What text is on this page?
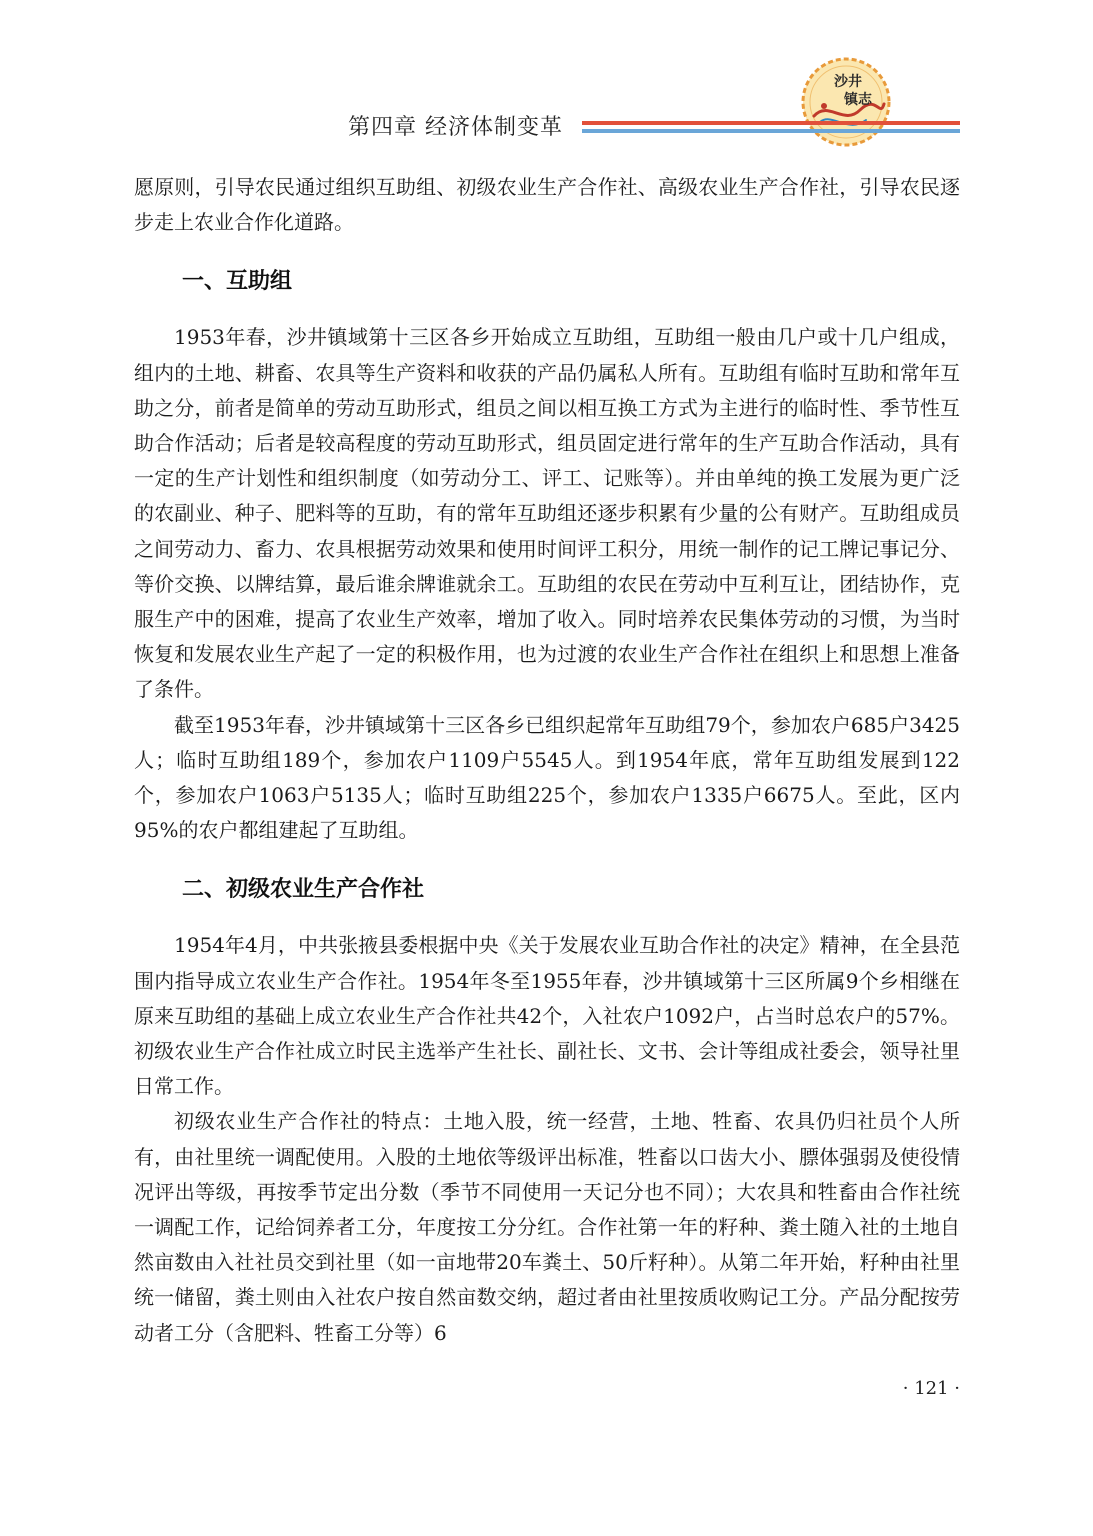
沙井
镇志
第四章 经济体制变革

愿原则，引导农民通过组织互助组、初级农业生产合作社、高级农业生产合作社，引导农民逐步走上农业合作化道路。

一、互助组

1953年春，沙井镇域第十三区各乡开始成立互助组，互助组一般由几户或十几户组成，组内的土地、耕畜、农具等生产资料和收获的产品仍属私人所有。互助组有临时互助和常年互助之分，前者是简单的劳动互助形式，组员之间以相互换工方式为主进行的临时性、季节性互助合作活动；后者是较高程度的劳动互助形式，组员固定进行常年的生产互助合作活动，具有一定的生产计划性和组织制度（如劳动分工、评工、记账等）。并由单纯的换工发展为更广泛的农副业、种子、肥料等的互助，有的常年互助组还逐步积累有少量的公有财产。互助组成员之间劳动力、畜力、农具根据劳动效果和使用时间评工积分，用统一制作的记工牌记事记分、等价交换、以牌结算，最后谁余牌谁就余工。互助组的农民在劳动中互利互让，团结协作，克服生产中的困难，提高了农业生产效率，增加了收入。同时培养农民集体劳动的习惯，为当时恢复和发展农业生产起了一定的积极作用，也为过渡的农业生产合作社在组织上和思想上准备了条件。

截至1953年春，沙井镇域第十三区各乡已组织起常年互助组79个，参加农户685户3425人；临时互助组189个，参加农户1109户5545人。到1954年底，常年互助组发展到122个，参加农户1063户5135人；临时互助组225个，参加农户1335户6675人。至此，区内95%的农户都组建起了互助组。

二、初级农业生产合作社

1954年4月，中共张掖县委根据中央《关于发展农业互助合作社的决定》精神，在全县范围内指导成立农业生产合作社。1954年冬至1955年春，沙井镇域第十三区所属9个乡相继在原来互助组的基础上成立农业生产合作社共42个，入社农户1092户，占当时总农户的57%。初级农业生产合作社成立时民主选举产生社长、副社长、文书、会计等组成社委会，领导社里日常工作。

初级农业生产合作社的特点：土地入股，统一经营，土地、牲畜、农具仍归社员个人所有，由社里统一调配使用。入股的土地依等级评出标准，牲畜以口齿大小、膘体强弱及使役情况评出等级，再按季节定出分数（季节不同使用一天记分也不同）；大农具和牲畜由合作社统一调配工作，记给饲养者工分，年度按工分分红。合作社第一年的籽种、粪土随入社的土地自然亩数由入社社员交到社里（如一亩地带20车粪土、50斤籽种）。从第二年开始，籽种由社里统一储留，粪土则由入社农户按自然亩数交纳，超过者由社里按质收购记工分。产品分配按劳动者工分（含肥料、牲畜工分等）6

· 121 ·
